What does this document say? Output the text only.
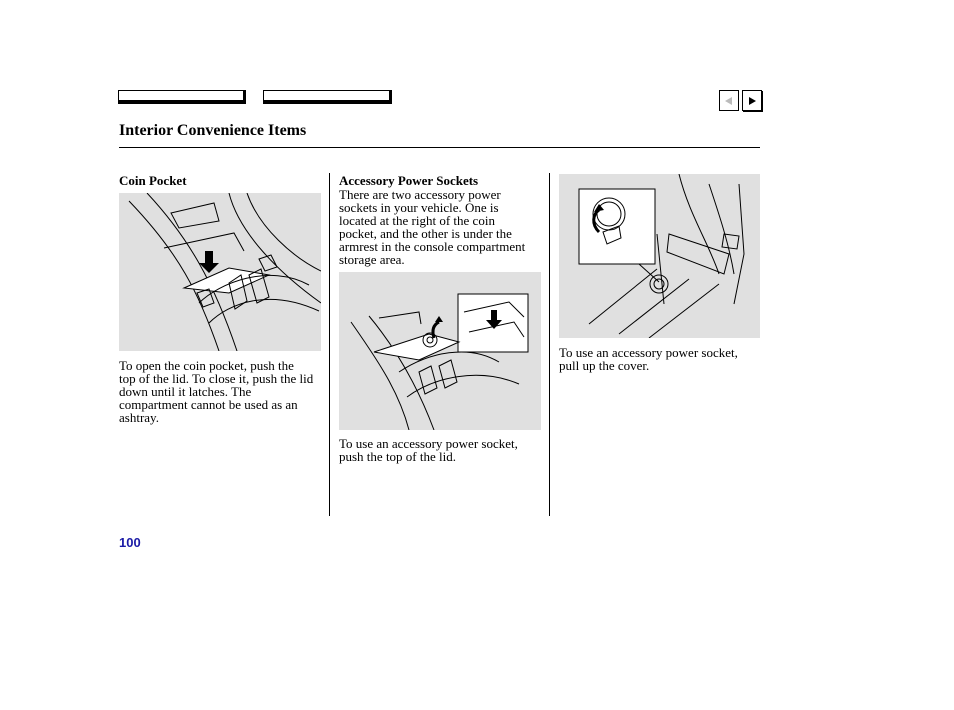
Interior Convenience Items
Coin Pocket

To open the coin pocket, push the
top of the lid. To close it, push the lid
down until it latches. The
compartment cannot be used as an
ashtray.

Accessory Power Sockets

There are two accessory power
sockets in your vehicle. One is
located at the right of the coin
pocket, and the other is under the
armrest in the console compartment
storage area.

To use an accessory power socket,
push the top of the lid.

To use an accessory power socket,
pull up the cover.

100
